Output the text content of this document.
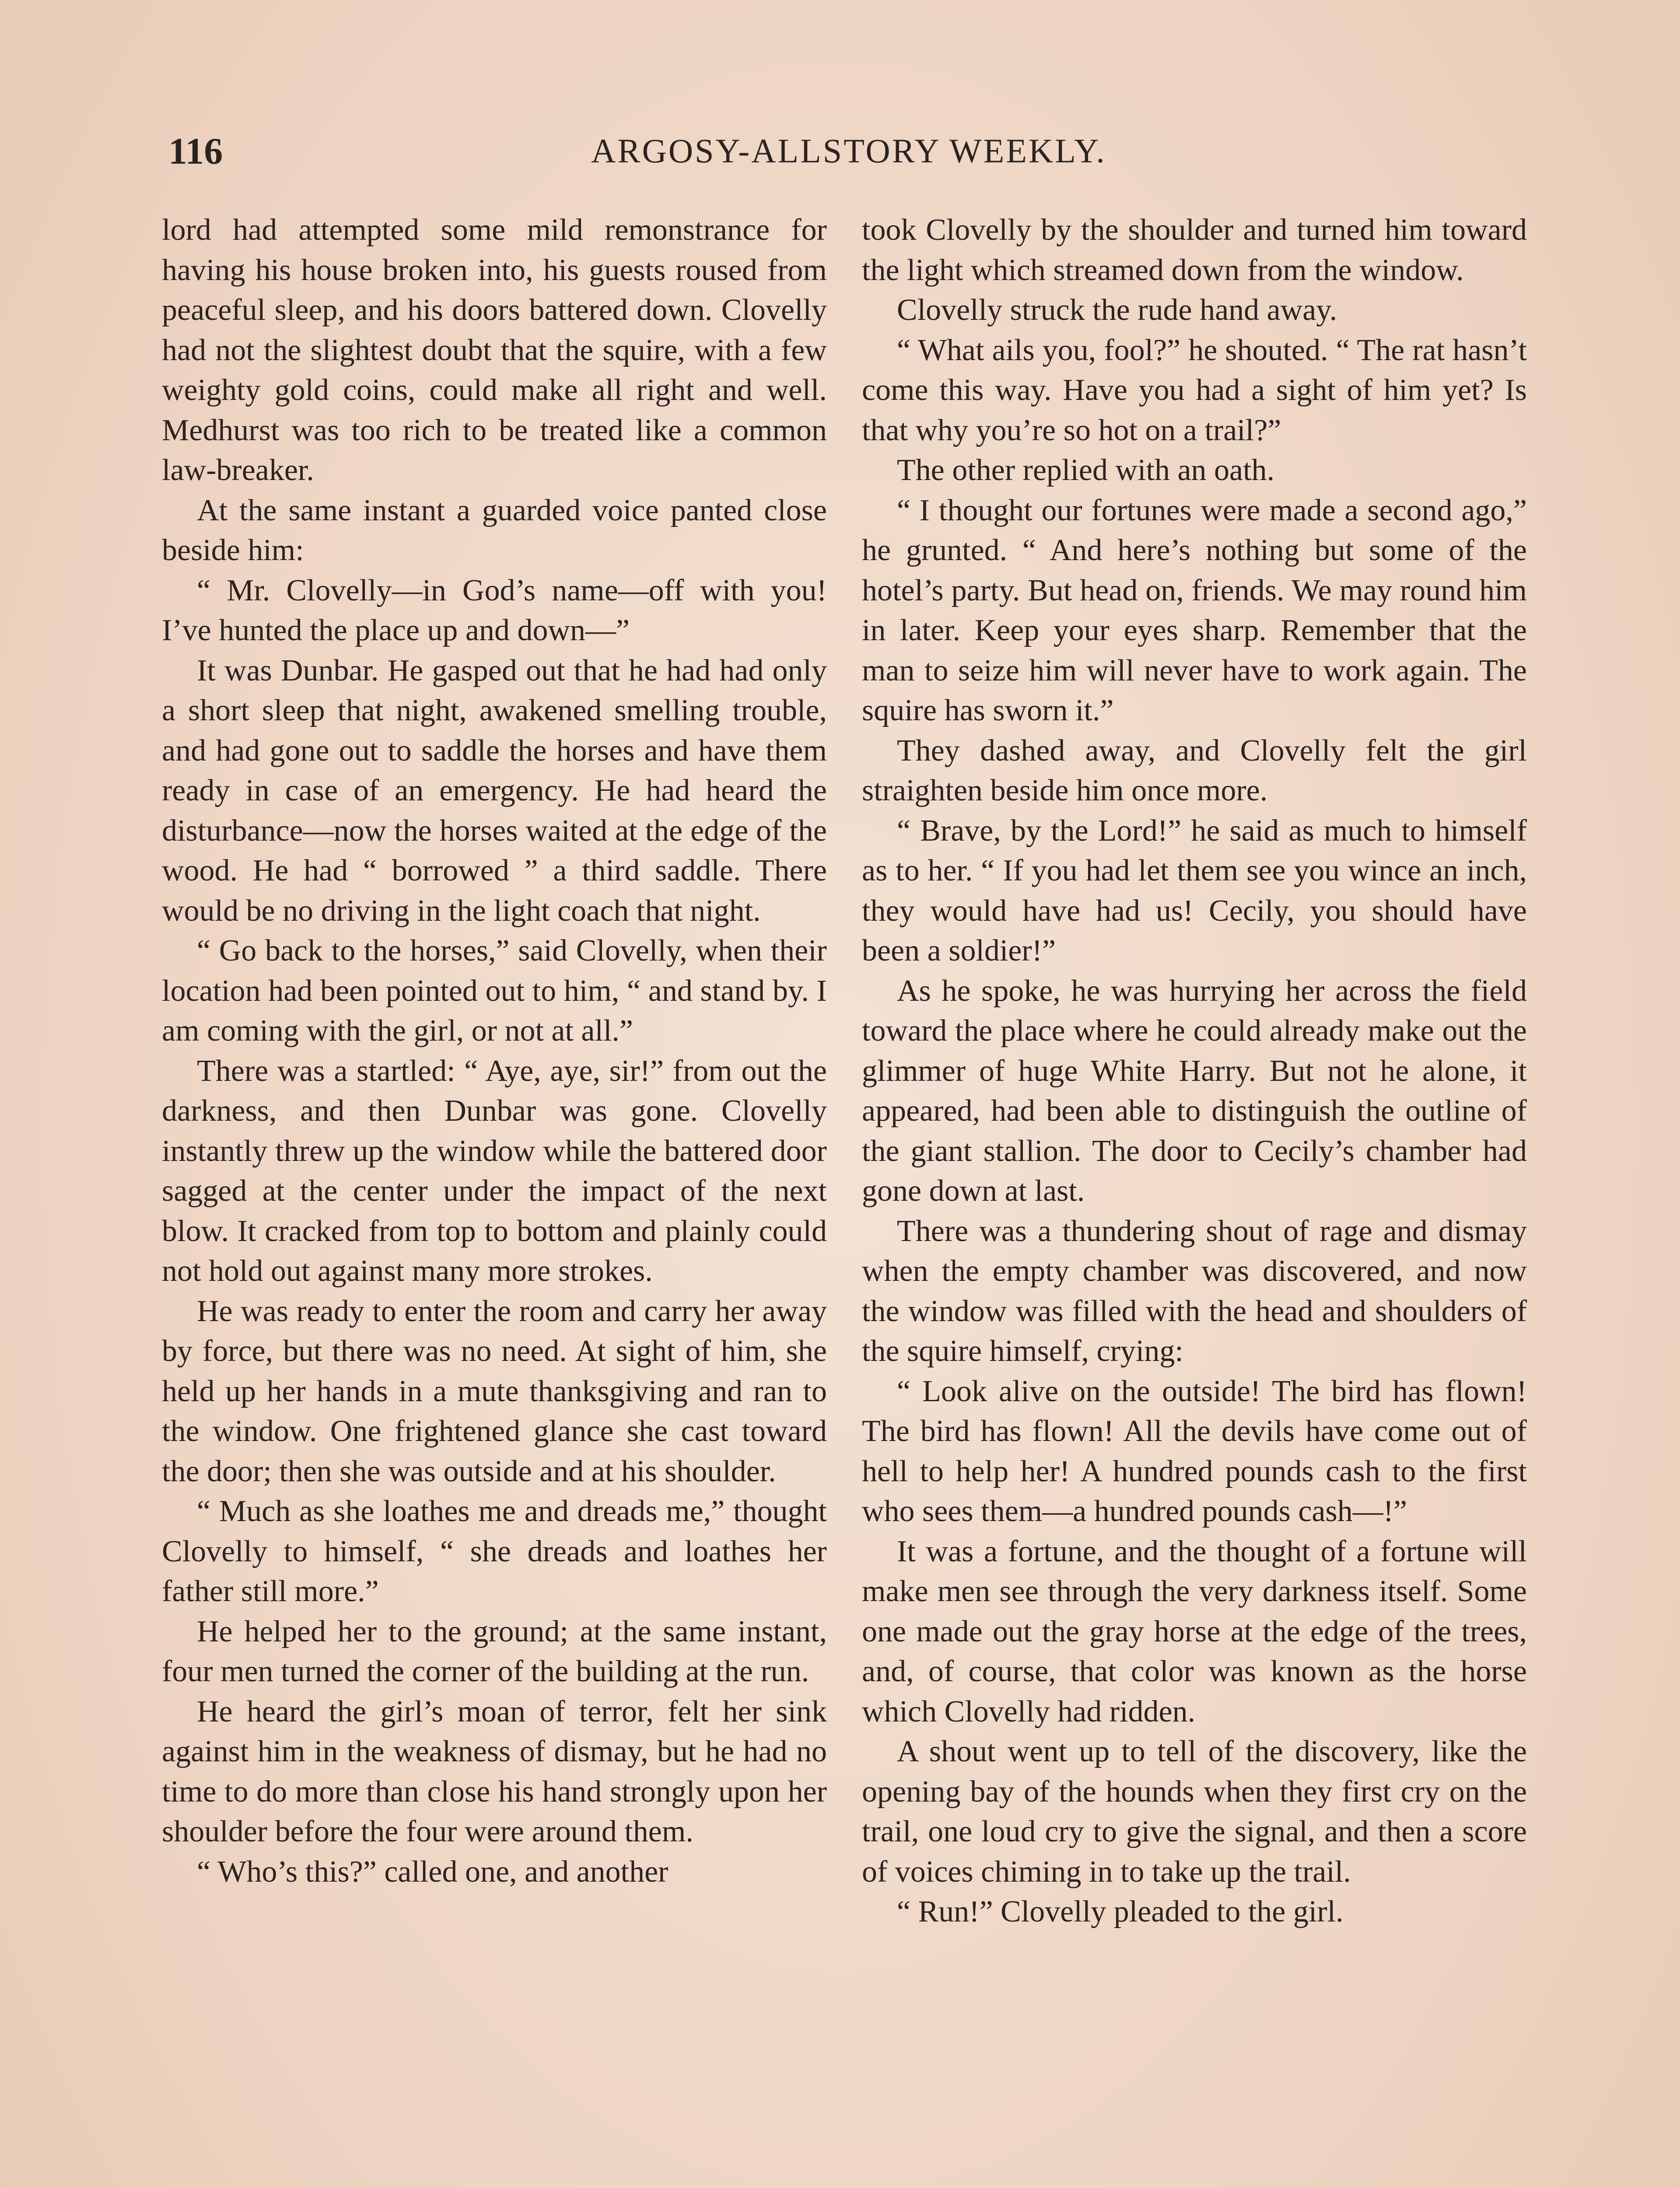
116	ARGOSY-ALLSTORY WEEKLY.

lord had attempted some mild remonstrance for having his house broken into, his guests roused from peaceful sleep, and his doors battered down. Clovelly had not the slightest doubt that the squire, with a few weighty gold coins, could make all right and well. Medhurst was too rich to be treated like a common law-breaker.

At the same instant a guarded voice panted close beside him:

“ Mr. Clovelly—in God’s name—off with you! I’ve hunted the place up and down—”

It was Dunbar. He gasped out that he had had only a short sleep that night, awakened smelling trouble, and had gone out to saddle the horses and have them ready in case of an emergency. He had heard the disturbance—now the horses waited at the edge of the wood. He had “ borrowed ” a third saddle. There would be no driving in the light coach that night.

“ Go back to the horses,” said Clovelly, when their location had been pointed out to him, “ and stand by. I am coming with the girl, or not at all.”

There was a startled: “ Aye, aye, sir!” from out the darkness, and then Dunbar was gone. Clovelly instantly threw up the window while the battered door sagged at the center under the impact of the next blow. It cracked from top to bottom and plainly could not hold out against many more strokes.

He was ready to enter the room and carry her away by force, but there was no need. At sight of him, she held up her hands in a mute thanksgiving and ran to the window. One frightened glance she cast toward the door; then she was outside and at his shoulder.

“ Much as she loathes me and dreads me,” thought Clovelly to himself, “ she dreads and loathes her father still more.”

He helped her to the ground; at the same instant, four men turned the corner of the building at the run.

He heard the girl’s moan of terror, felt her sink against him in the weakness of dismay, but he had no time to do more than close his hand strongly upon her shoulder before the four were around them.

“ Who’s this?” called one, and another

took Clovelly by the shoulder and turned him toward the light which streamed down from the window.

Clovelly struck the rude hand away.

“ What ails you, fool?” he shouted. “ The rat hasn’t come this way. Have you had a sight of him yet? Is that why you’re so hot on a trail?”

The other replied with an oath.

“ I thought our fortunes were made a second ago,” he grunted. “ And here’s nothing but some of the hotel’s party. But head on, friends. We may round him in later. Keep your eyes sharp. Remember that the man to seize him will never have to work again. The squire has sworn it.”

They dashed away, and Clovelly felt the girl straighten beside him once more.

“ Brave, by the Lord!” he said as much to himself as to her. “ If you had let them see you wince an inch, they would have had us! Cecily, you should have been a soldier!”

As he spoke, he was hurrying her across the field toward the place where he could already make out the glimmer of huge White Harry. But not he alone, it appeared, had been able to distinguish the outline of the giant stallion. The door to Cecily’s chamber had gone down at last.

There was a thundering shout of rage and dismay when the empty chamber was discovered, and now the window was filled with the head and shoulders of the squire himself, crying:

“ Look alive on the outside! The bird has flown! The bird has flown! All the devils have come out of hell to help her! A hundred pounds cash to the first who sees them—a hundred pounds cash—!”

It was a fortune, and the thought of a fortune will make men see through the very darkness itself. Some one made out the gray horse at the edge of the trees, and, of course, that color was known as the horse which Clovelly had ridden.

A shout went up to tell of the discovery, like the opening bay of the hounds when they first cry on the trail, one loud cry to give the signal, and then a score of voices chiming in to take up the trail.

“ Run!” Clovelly pleaded to the girl.
